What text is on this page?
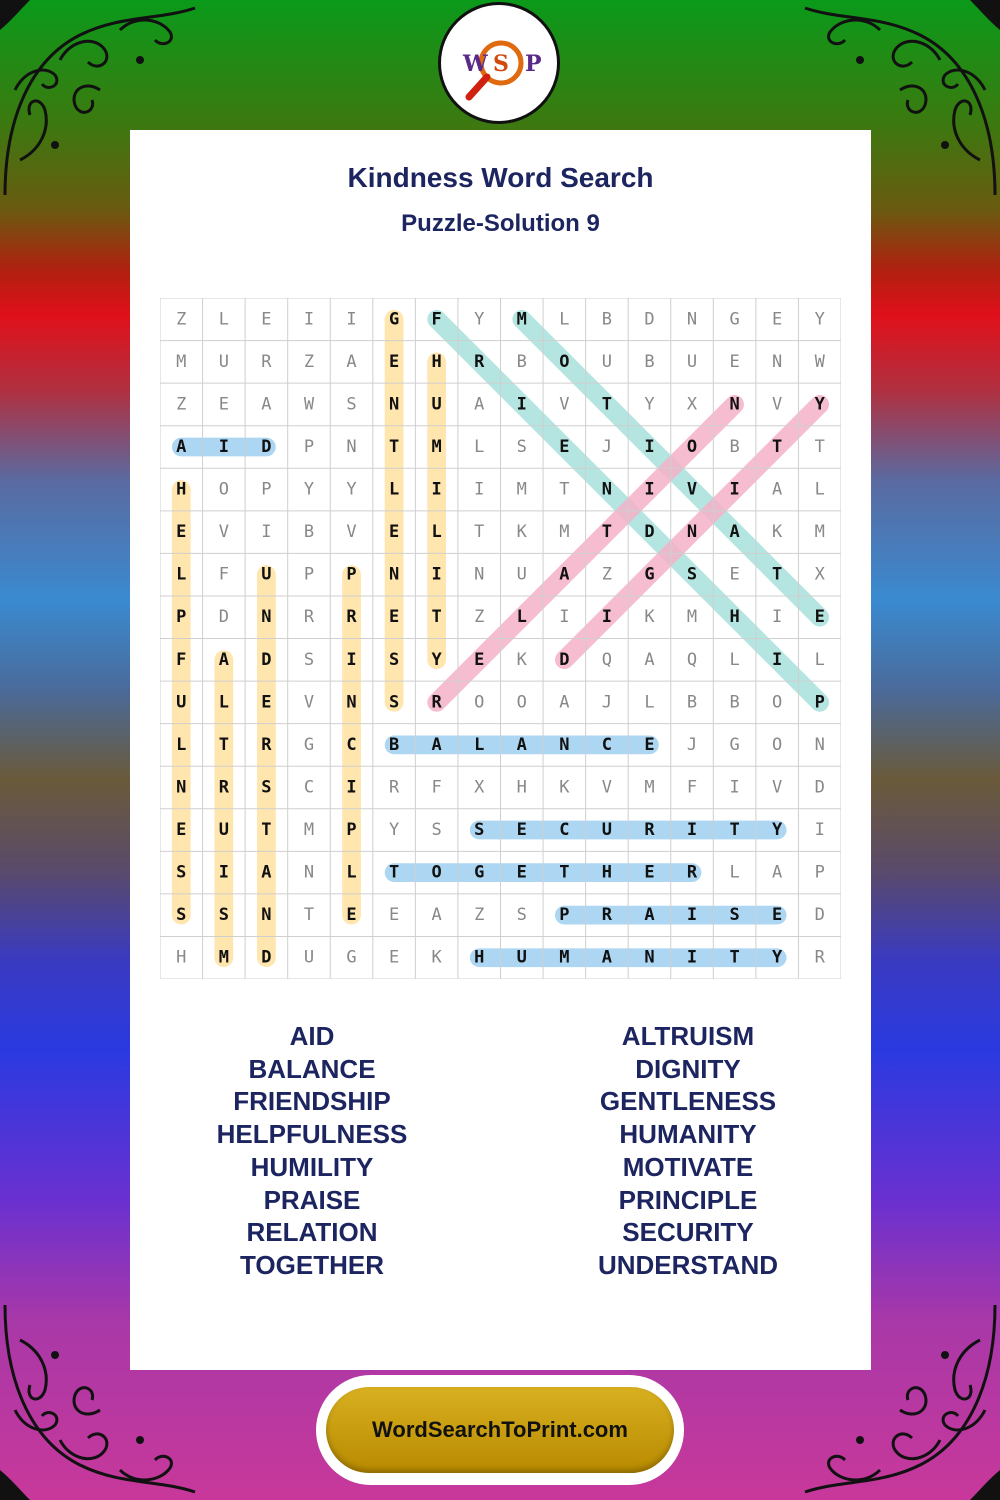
W S P
Kindness Word Search
Puzzle-Solution 9
Z L E I I G F Y M L B D N G E Y
M U R Z A E H R B O U B U E N W
Z E A W S N U A I V T Y X N V Y
A I D P N T M L S E J I O B T T
H O P Y Y L I I M T N I V I A L
E V I B V E L T K M T D N A K M
L F U P P N I N U A Z G S E T X
P D N R R E T Z L I I K M H I E
F A D S I S Y E K D Q A Q L I L
U L E V N S R O O A J L B B O P
L T R G C B A L A N C E J G O N
N R S C I R F X H K V M F I V D
E U T M P Y S S E C U R I T Y I
S I A N L T O G E T H E R L A P
S S N T E E A Z S P R A I S E D
H M D U G E K H U M A N I T Y R
AID
BALANCE
FRIENDSHIP
HELPFULNESS
HUMILITY
PRAISE
RELATION
TOGETHER
ALTRUISM
DIGNITY
GENTLENESS
HUMANITY
MOTIVATE
PRINCIPLE
SECURITY
UNDERSTAND
WordSearchToPrint.com
